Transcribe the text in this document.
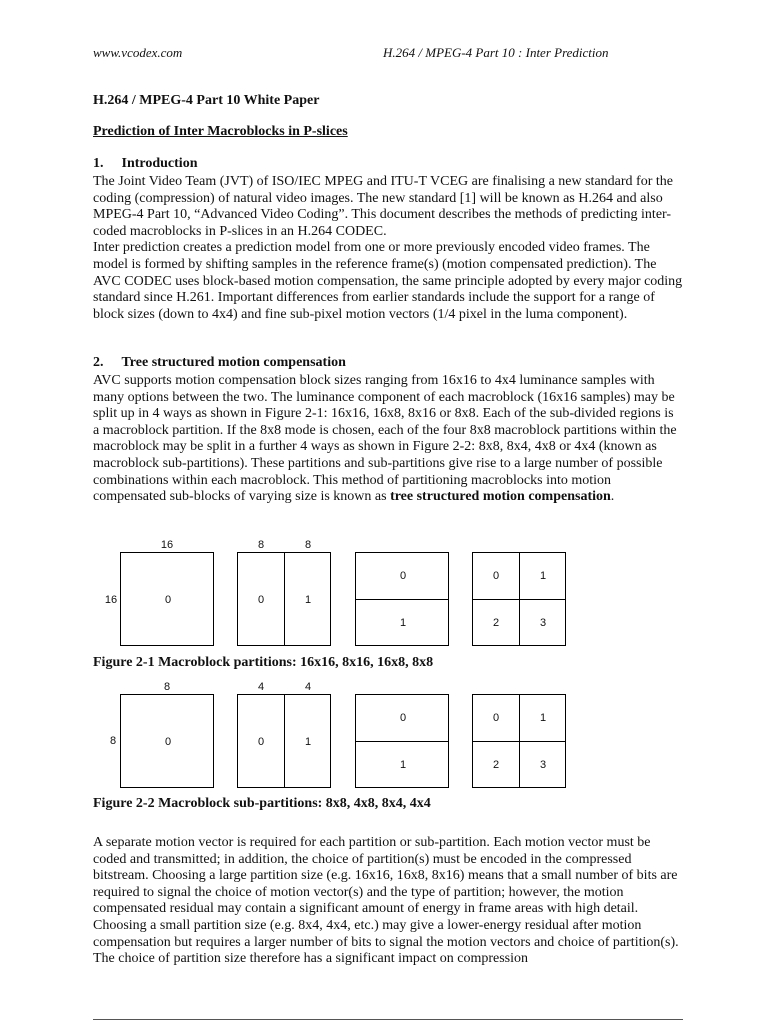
www.vcodex.com	H.264 / MPEG-4 Part 10 : Inter Prediction
H.264 / MPEG-4 Part 10 White Paper
Prediction of Inter Macroblocks in P-slices
1. Introduction

The Joint Video Team (JVT) of ISO/IEC MPEG and ITU-T VCEG are finalising a new standard for the coding (compression) of natural video images. The new standard [1] will be known as H.264 and also MPEG-4 Part 10, “Advanced Video Coding”. This document describes the methods of predicting inter-coded macroblocks in P-slices in an H.264 CODEC.

Inter prediction creates a prediction model from one or more previously encoded video frames. The model is formed by shifting samples in the reference frame(s) (motion compensated prediction). The AVC CODEC uses block-based motion compensation, the same principle adopted by every major coding standard since H.261. Important differences from earlier standards include the support for a range of block sizes (down to 4x4) and fine sub-pixel motion vectors (1/4 pixel in the luma component).

2. Tree structured motion compensation

AVC supports motion compensation block sizes ranging from 16x16 to 4x4 luminance samples with many options between the two. The luminance component of each macroblock (16x16 samples) may be split up in 4 ways as shown in Figure 2-1: 16x16, 16x8, 8x16 or 8x8. Each of the sub-divided regions is a macroblock partition. If the 8x8 mode is chosen, each of the four 8x8 macroblock partitions within the macroblock may be split in a further 4 ways as shown in Figure 2-2: 8x8, 8x4, 4x8 or 4x4 (known as macroblock sub-partitions). These partitions and sub-partitions give rise to a large number of possible combinations within each macroblock. This method of partitioning macroblocks into motion compensated sub-blocks of varying size is known as tree structured motion compensation.

16
16
8	8
0	0	1
0
1
0	1
2	3
Figure 2-1 Macroblock partitions: 16x16, 8x16, 16x8, 8x8
8
8
4	4
0	0	1
0
1
0	1
2	3
Figure 2-2 Macroblock sub-partitions: 8x8, 4x8, 8x4, 4x4

A separate motion vector is required for each partition or sub-partition. Each motion vector must be coded and transmitted; in addition, the choice of partition(s) must be encoded in the compressed bitstream. Choosing a large partition size (e.g. 16x16, 16x8, 8x16) means that a small number of bits are required to signal the choice of motion vector(s) and the type of partition; however, the motion compensated residual may contain a significant amount of energy in frame areas with high detail. Choosing a small partition size (e.g. 8x4, 4x4, etc.) may give a lower-energy residual after motion compensation but requires a larger number of bits to signal the motion vectors and choice of partition(s). The choice of partition size therefore has a significant impact on compression
